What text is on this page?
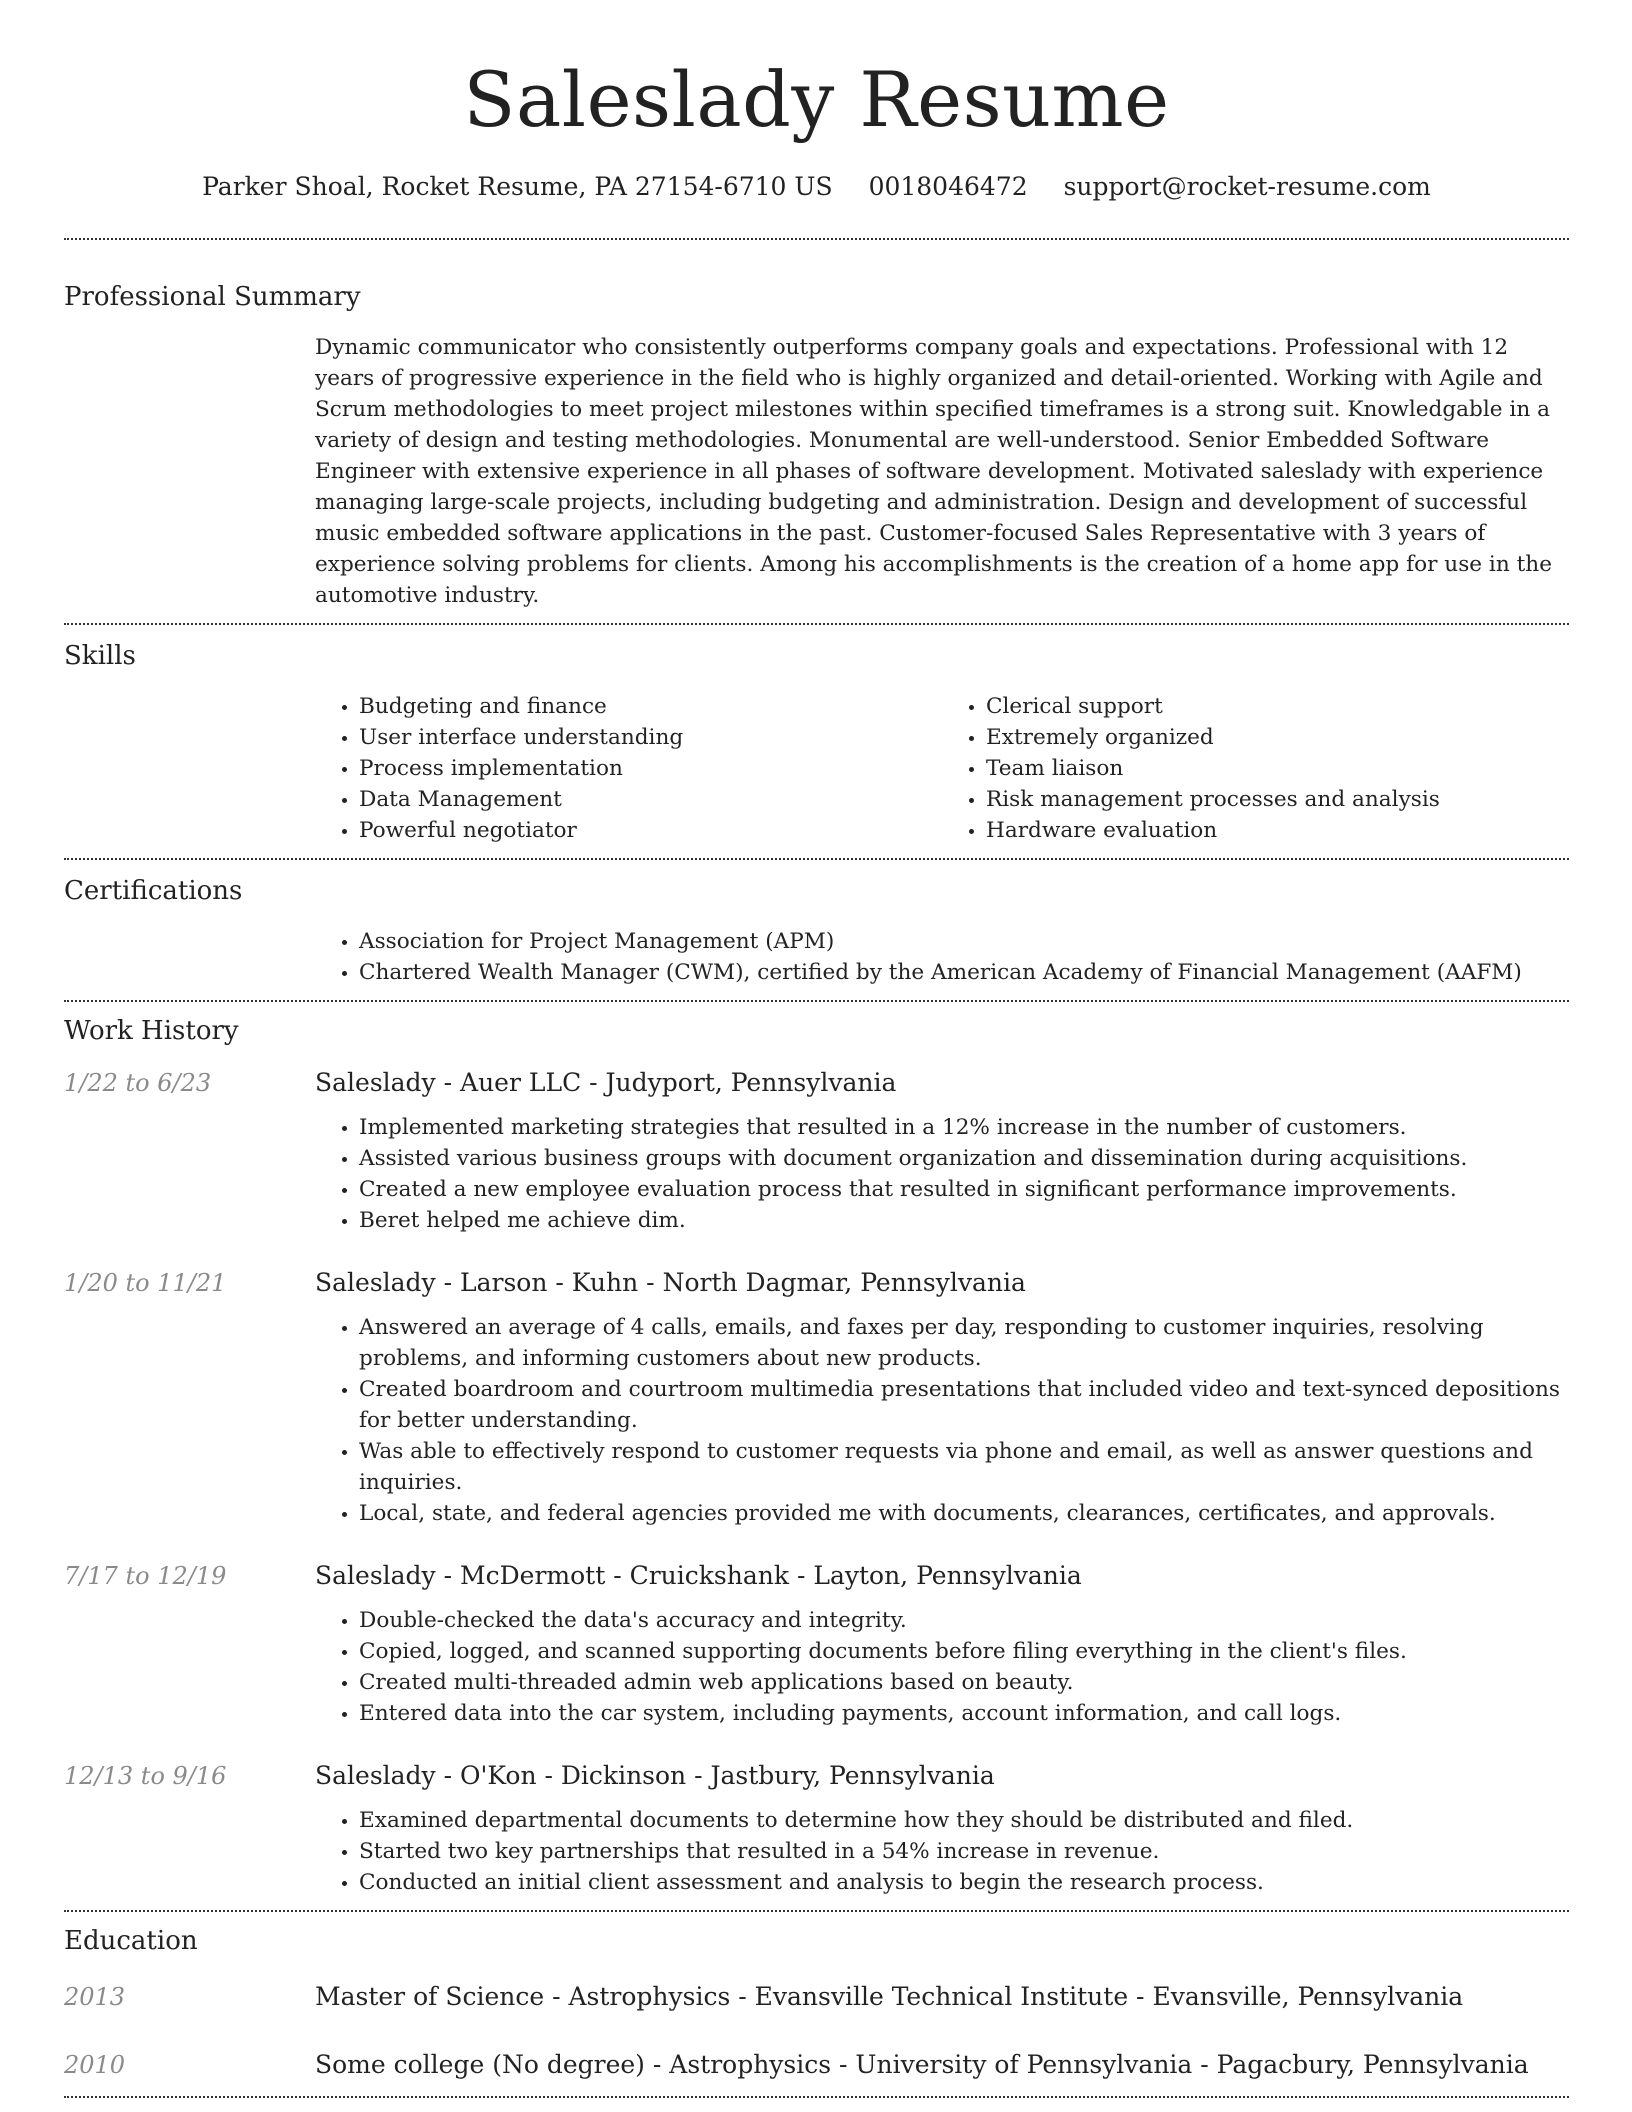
Saleslady Resume
Parker Shoal, Rocket Resume, PA 27154-6710 US 0018046472 support@rocket-resume.com
Professional Summary
Dynamic communicator who consistently outperforms company goals and expectations. Professional with 12 years of progressive experience in the field who is highly organized and detail-oriented. Working with Agile and Scrum methodologies to meet project milestones within specified timeframes is a strong suit. Knowledgable in a variety of design and testing methodologies. Monumental are well-understood. Senior Embedded Software Engineer with extensive experience in all phases of software development. Motivated saleslady with experience managing large-scale projects, including budgeting and administration. Design and development of successful music embedded software applications in the past. Customer-focused Sales Representative with 3 years of experience solving problems for clients. Among his accomplishments is the creation of a home app for use in the automotive industry.
Skills
• Budgeting and finance
• User interface understanding
• Process implementation
• Data Management
• Powerful negotiator
• Clerical support
• Extremely organized
• Team liaison
• Risk management processes and analysis
• Hardware evaluation
Certifications
• Association for Project Management (APM)
• Chartered Wealth Manager (CWM), certified by the American Academy of Financial Management (AAFM)
Work History
1/22 to 6/23	Saleslady - Auer LLC - Judyport, Pennsylvania
• Implemented marketing strategies that resulted in a 12% increase in the number of customers.
• Assisted various business groups with document organization and dissemination during acquisitions.
• Created a new employee evaluation process that resulted in significant performance improvements.
• Beret helped me achieve dim.
1/20 to 11/21	Saleslady - Larson - Kuhn - North Dagmar, Pennsylvania
• Answered an average of 4 calls, emails, and faxes per day, responding to customer inquiries, resolving problems, and informing customers about new products.
• Created boardroom and courtroom multimedia presentations that included video and text-synced depositions for better understanding.
• Was able to effectively respond to customer requests via phone and email, as well as answer questions and inquiries.
• Local, state, and federal agencies provided me with documents, clearances, certificates, and approvals.
7/17 to 12/19	Saleslady - McDermott - Cruickshank - Layton, Pennsylvania
• Double-checked the data's accuracy and integrity.
• Copied, logged, and scanned supporting documents before filing everything in the client's files.
• Created multi-threaded admin web applications based on beauty.
• Entered data into the car system, including payments, account information, and call logs.
12/13 to 9/16	Saleslady - O'Kon - Dickinson - Jastbury, Pennsylvania
• Examined departmental documents to determine how they should be distributed and filed.
• Started two key partnerships that resulted in a 54% increase in revenue.
• Conducted an initial client assessment and analysis to begin the research process.
Education
2013	Master of Science - Astrophysics - Evansville Technical Institute - Evansville, Pennsylvania
2010	Some college (No degree) - Astrophysics - University of Pennsylvania - Pagacbury, Pennsylvania
